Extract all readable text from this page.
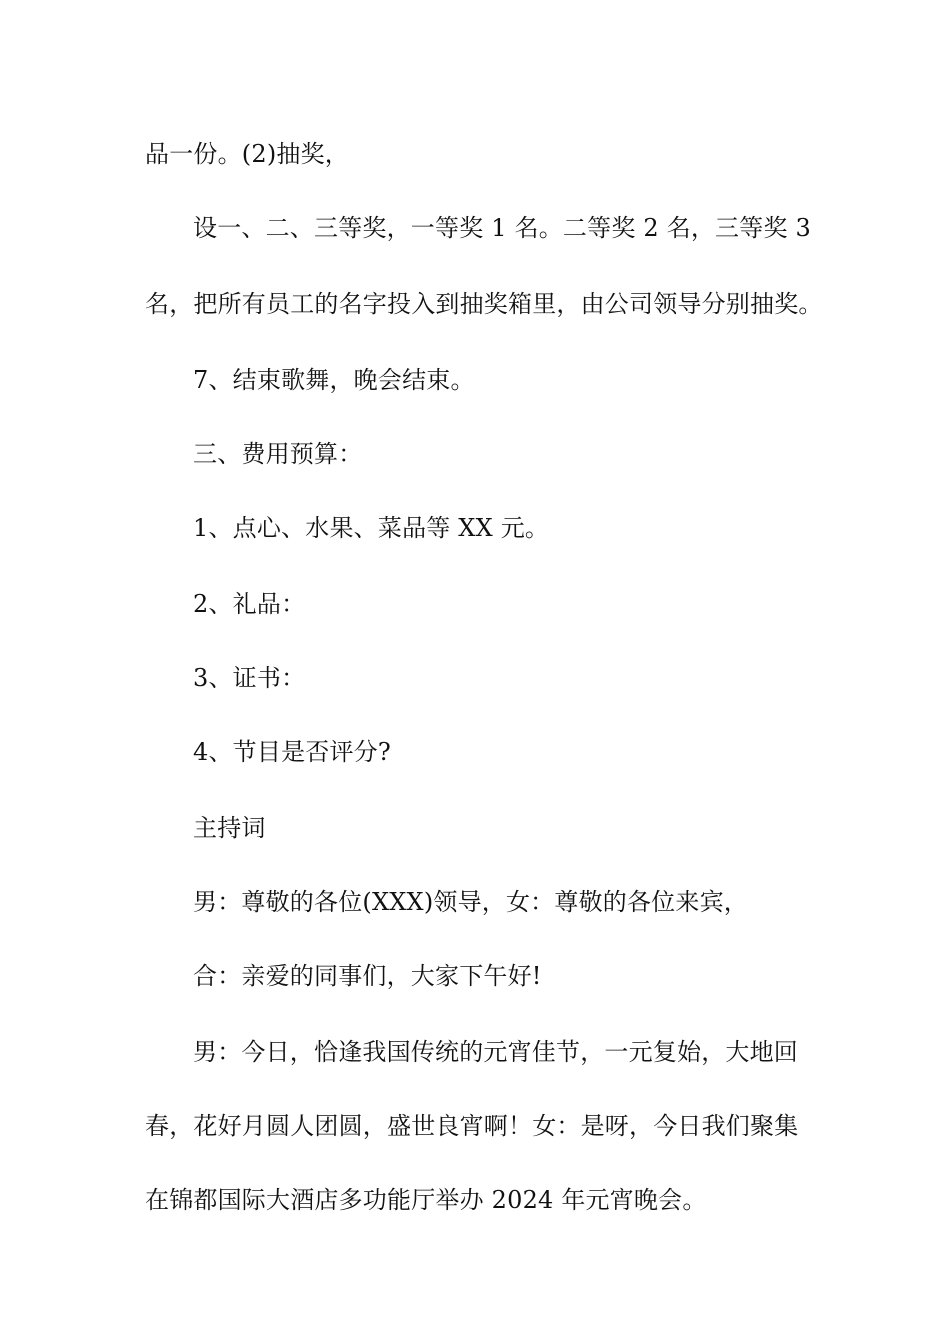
品一份。(2)抽奖，
设一、二、三等奖，一等奖 1 名。二等奖 2 名，三等奖 3
名，把所有员工的名字投入到抽奖箱里，由公司领导分别抽奖。
7、结束歌舞，晚会结束。
三、费用预算：
1、点心、水果、菜品等 XX 元。
2、礼品：
3、证书：
4、节目是否评分?
主持词
男：尊敬的各位(XXX)领导，女：尊敬的各位来宾，
合：亲爱的同事们，大家下午好!
男：今日，恰逢我国传统的元宵佳节，一元复始，大地回
春，花好月圆人团圆，盛世良宵啊！女：是呀，今日我们聚集
在锦都国际大酒店多功能厅举办 2024 年元宵晚会。
